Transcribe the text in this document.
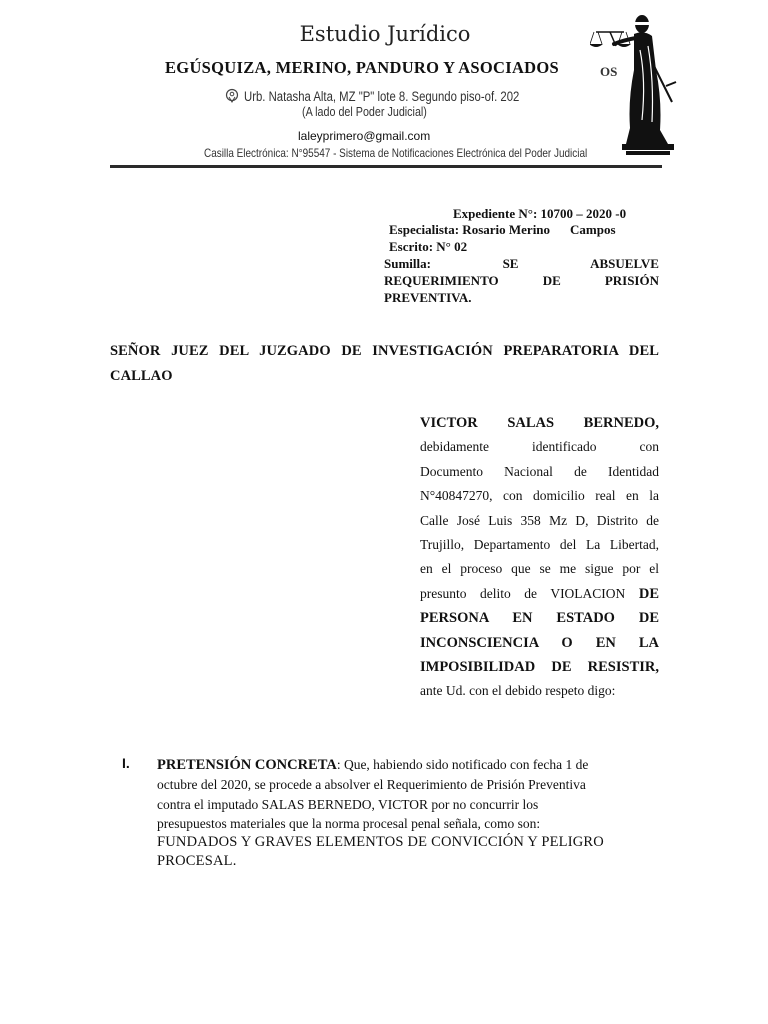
Estudio Jurídico
EGÚSQUIZA, MERINO, PANDURO Y ASOCIADOS	OS
Urb. Natasha Alta, MZ "P" lote 8. Segundo piso-of. 202
(A lado del Poder Judicial)
laleyprimero@gmail.com
Casilla Electrónica: N°95547 - Sistema de Notificaciones Electrónica del Poder Judicial
Expediente N°: 10700 – 2020 -0
Especialista: Rosario Merino Campos
Escrito: N° 02
Sumilla:	SE	ABSUELVE
REQUERIMIENTO	DE	PRISIÓN
PREVENTIVA.
SEÑOR JUEZ DEL JUZGADO DE INVESTIGACIÓN PREPARATORIA DEL
CALLAO
VICTOR SALAS BERNEDO,
debidamente identificado con
Documento Nacional de Identidad
N°40847270, con domicilio real en la
Calle José Luis 358 Mz D, Distrito de
Trujillo, Departamento del La Libertad,
en el proceso que se me sigue por el
presunto delito de VIOLACION DE
PERSONA EN ESTADO DE
INCONSCIENCIA O EN LA
IMPOSIBILIDAD DE RESISTIR,
ante Ud. con el debido respeto digo:
I. PRETENSIÓN CONCRETA: Que, habiendo sido notificado con fecha 1 de
octubre del 2020, se procede a absolver el Requerimiento de Prisión Preventiva
contra el imputado SALAS BERNEDO, VICTOR por no concurrir los
presupuestos materiales que la norma procesal penal señala, como son:
FUNDADOS Y GRAVES ELEMENTOS DE CONVICCIÓN Y PELIGRO
PROCESAL.
